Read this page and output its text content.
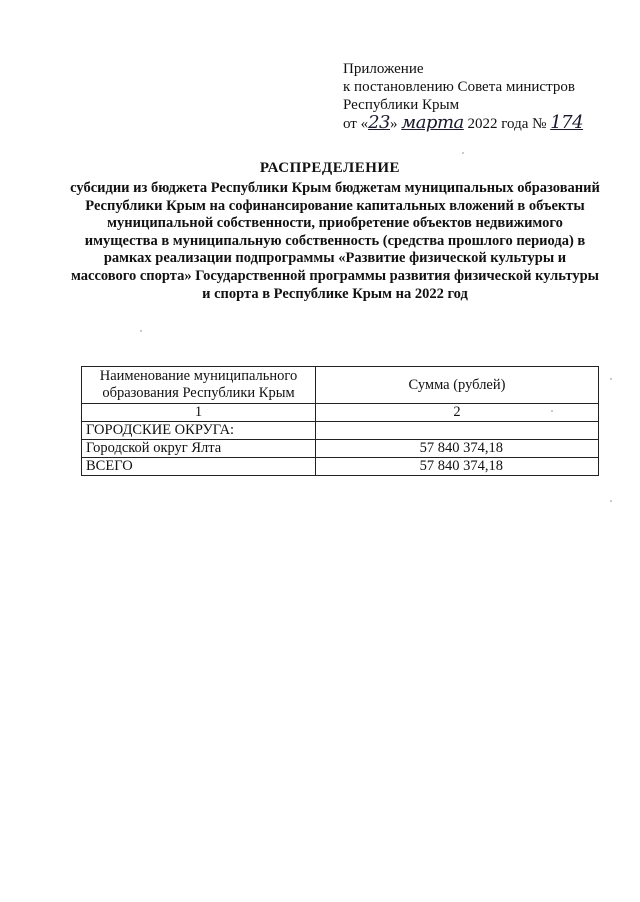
Приложение
к постановлению Совета министров
Республики Крым
от «23» марта 2022 года № 174
РАСПРЕДЕЛЕНИЕ
субсидии из бюджета Республики Крым бюджетам муниципальных образований Республики Крым на софинансирование капитальных вложений в объекты муниципальной собственности, приобретение объектов недвижимого имущества в муниципальную собственность (средства прошлого периода) в рамках реализации подпрограммы «Развитие физической культуры и массового спорта» Государственной программы развития физической культуры и спорта в Республике Крым на 2022 год
Наименование муниципального образования Республики Крым	Сумма (рублей)
1	2
ГОРОДСКИЕ ОКРУГА:	
Городской округ Ялта	57 840 374,18
ВСЕГО	57 840 374,18
